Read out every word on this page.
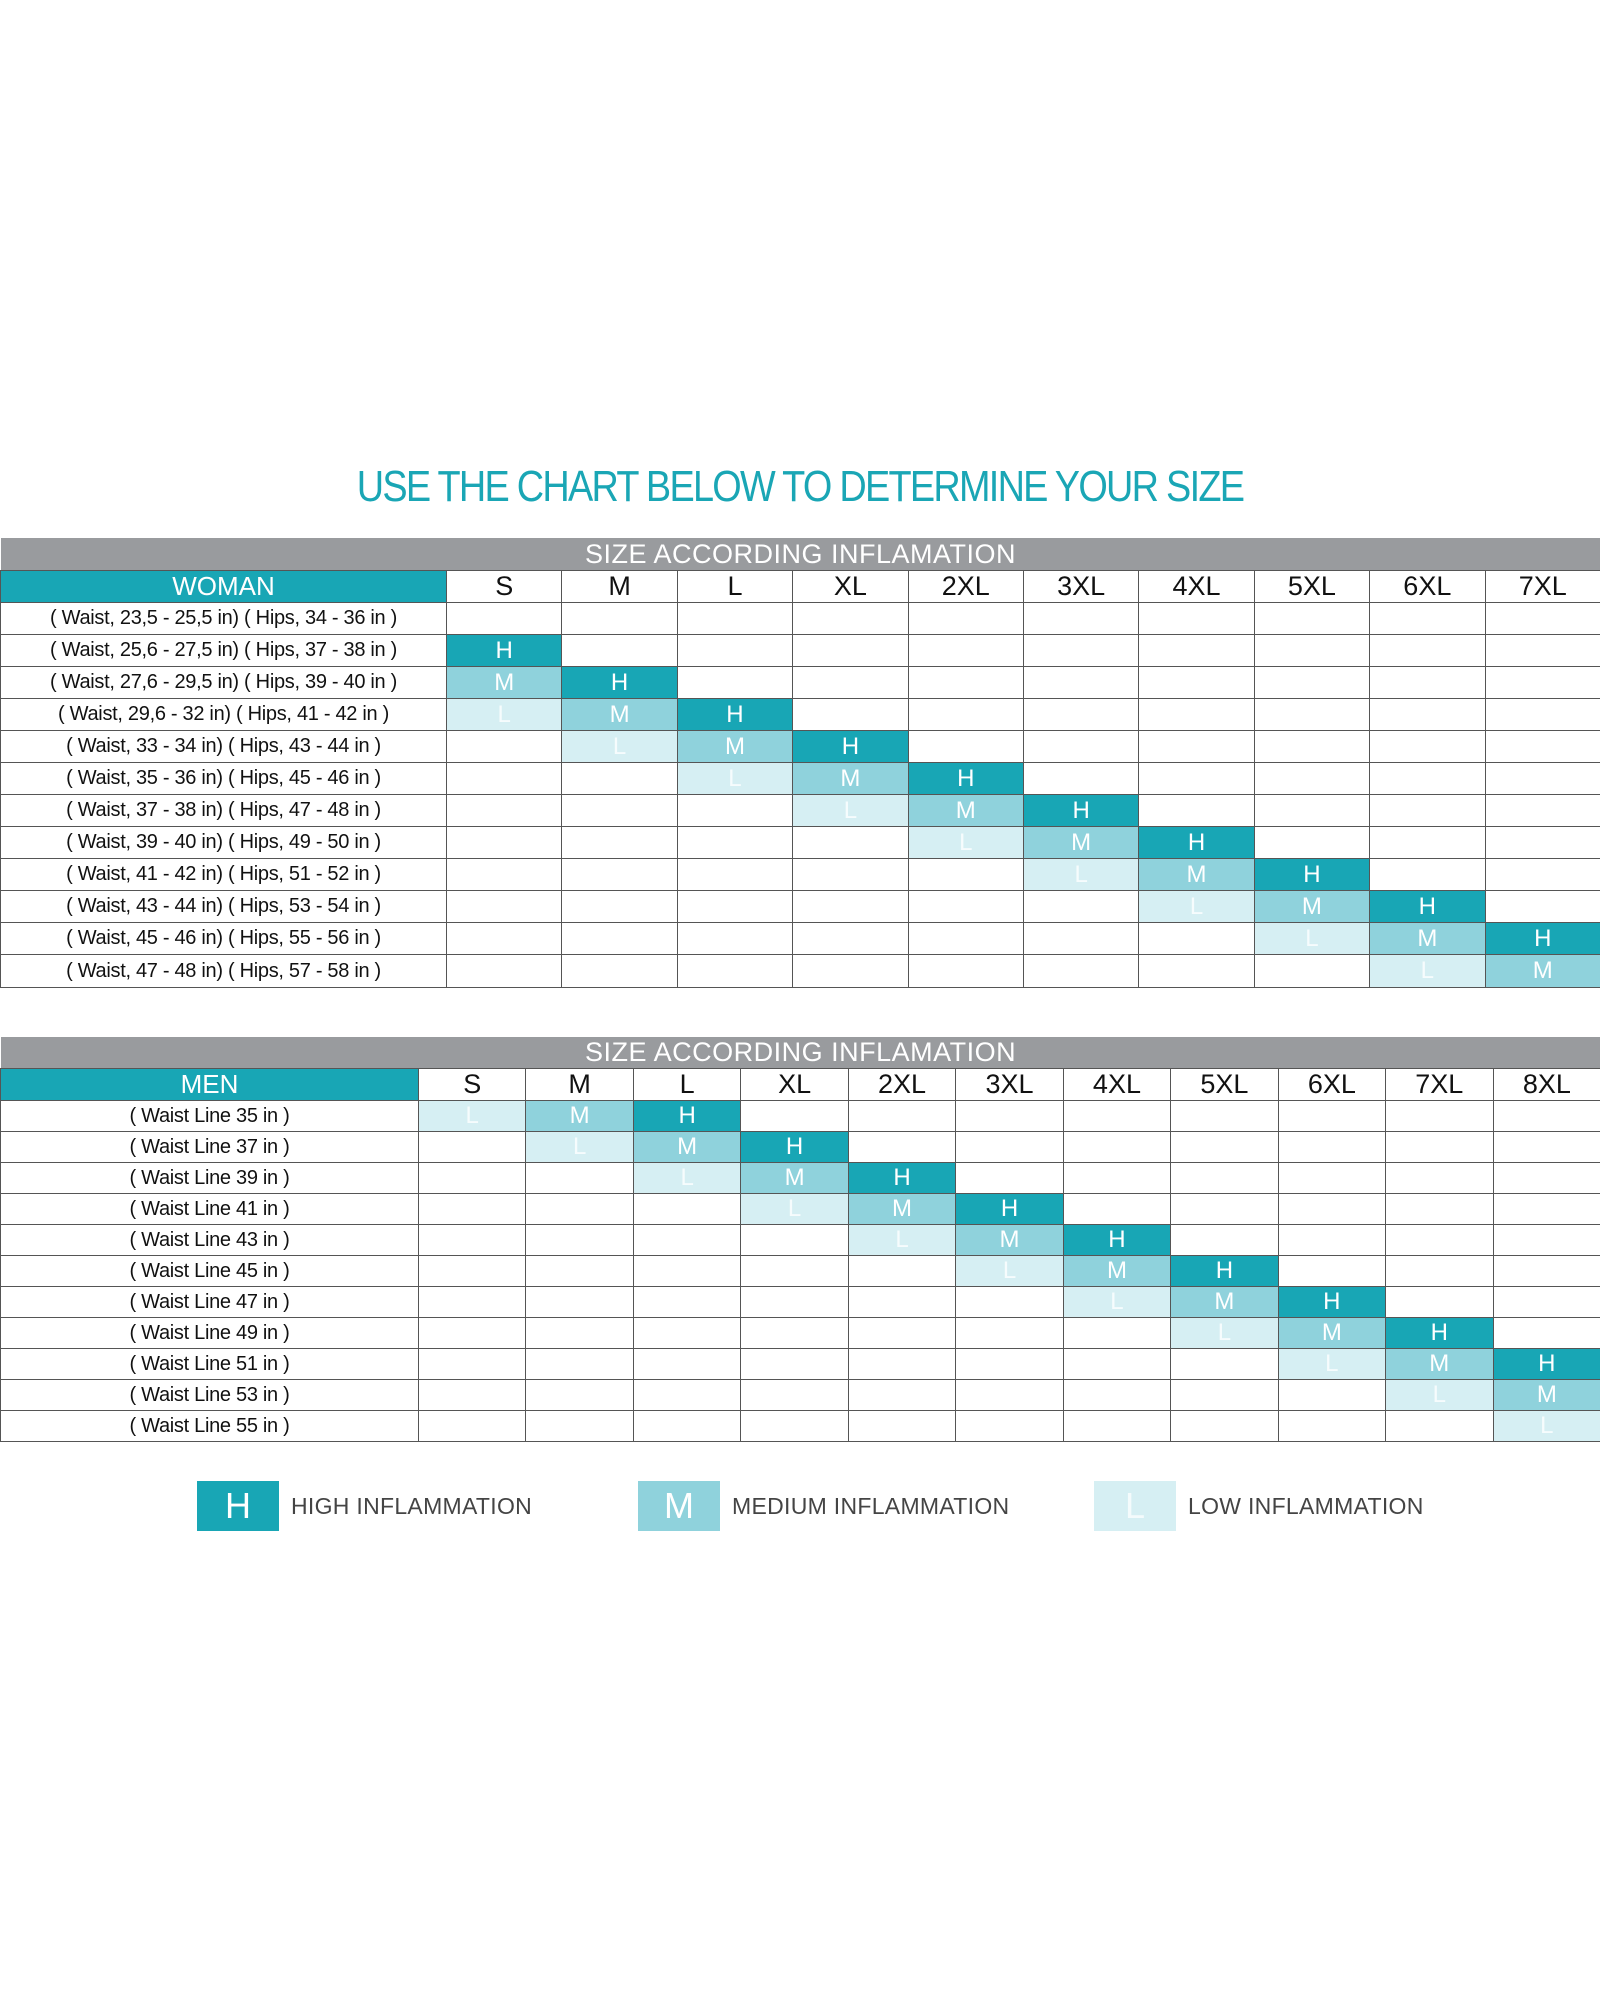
USE THE CHART BELOW TO DETERMINE YOUR SIZE
SIZE ACCORDING INFLAMATION										
WOMAN	S	M	L	XL	2XL	3XL	4XL	5XL	6XL	7XL
( Waist, 23,5 - 25,5 in) ( Hips, 34 - 36 in )										
( Waist, 25,6 - 27,5 in) ( Hips, 37 - 38 in )	H									
( Waist, 27,6 - 29,5 in) ( Hips, 39 - 40 in )	M	H								
( Waist, 29,6 - 32 in) ( Hips, 41 - 42 in )	L	M	H							
( Waist, 33 - 34 in) ( Hips, 43 - 44 in )		L	M	H						
( Waist, 35 - 36 in) ( Hips, 45 - 46 in )			L	M	H					
( Waist, 37 - 38 in) ( Hips, 47 - 48 in )				L	M	H				
( Waist, 39 - 40 in) ( Hips, 49 - 50 in )					L	M	H			
( Waist, 41 - 42 in) ( Hips, 51 - 52 in )						L	M	H		
( Waist, 43 - 44 in) ( Hips, 53 - 54 in )							L	M	H	
( Waist, 45 - 46 in) ( Hips, 55 - 56 in )								L	M	H
( Waist, 47 - 48 in) ( Hips, 57 - 58 in )									L	M
SIZE ACCORDING INFLAMATION											
MEN	S	M	L	XL	2XL	3XL	4XL	5XL	6XL	7XL	8XL
( Waist Line 35 in )	L	M	H								
( Waist Line 37 in )		L	M	H							
( Waist Line 39 in )			L	M	H						
( Waist Line 41 in )				L	M	H					
( Waist Line 43 in )					L	M	H				
( Waist Line 45 in )						L	M	H			
( Waist Line 47 in )							L	M	H		
( Waist Line 49 in )								L	M	H	
( Waist Line 51 in )									L	M	H
( Waist Line 53 in )										L	M
( Waist Line 55 in )											L
H	HIGH INFLAMMATION	M	MEDIUM INFLAMMATION	L	LOW INFLAMMATION
